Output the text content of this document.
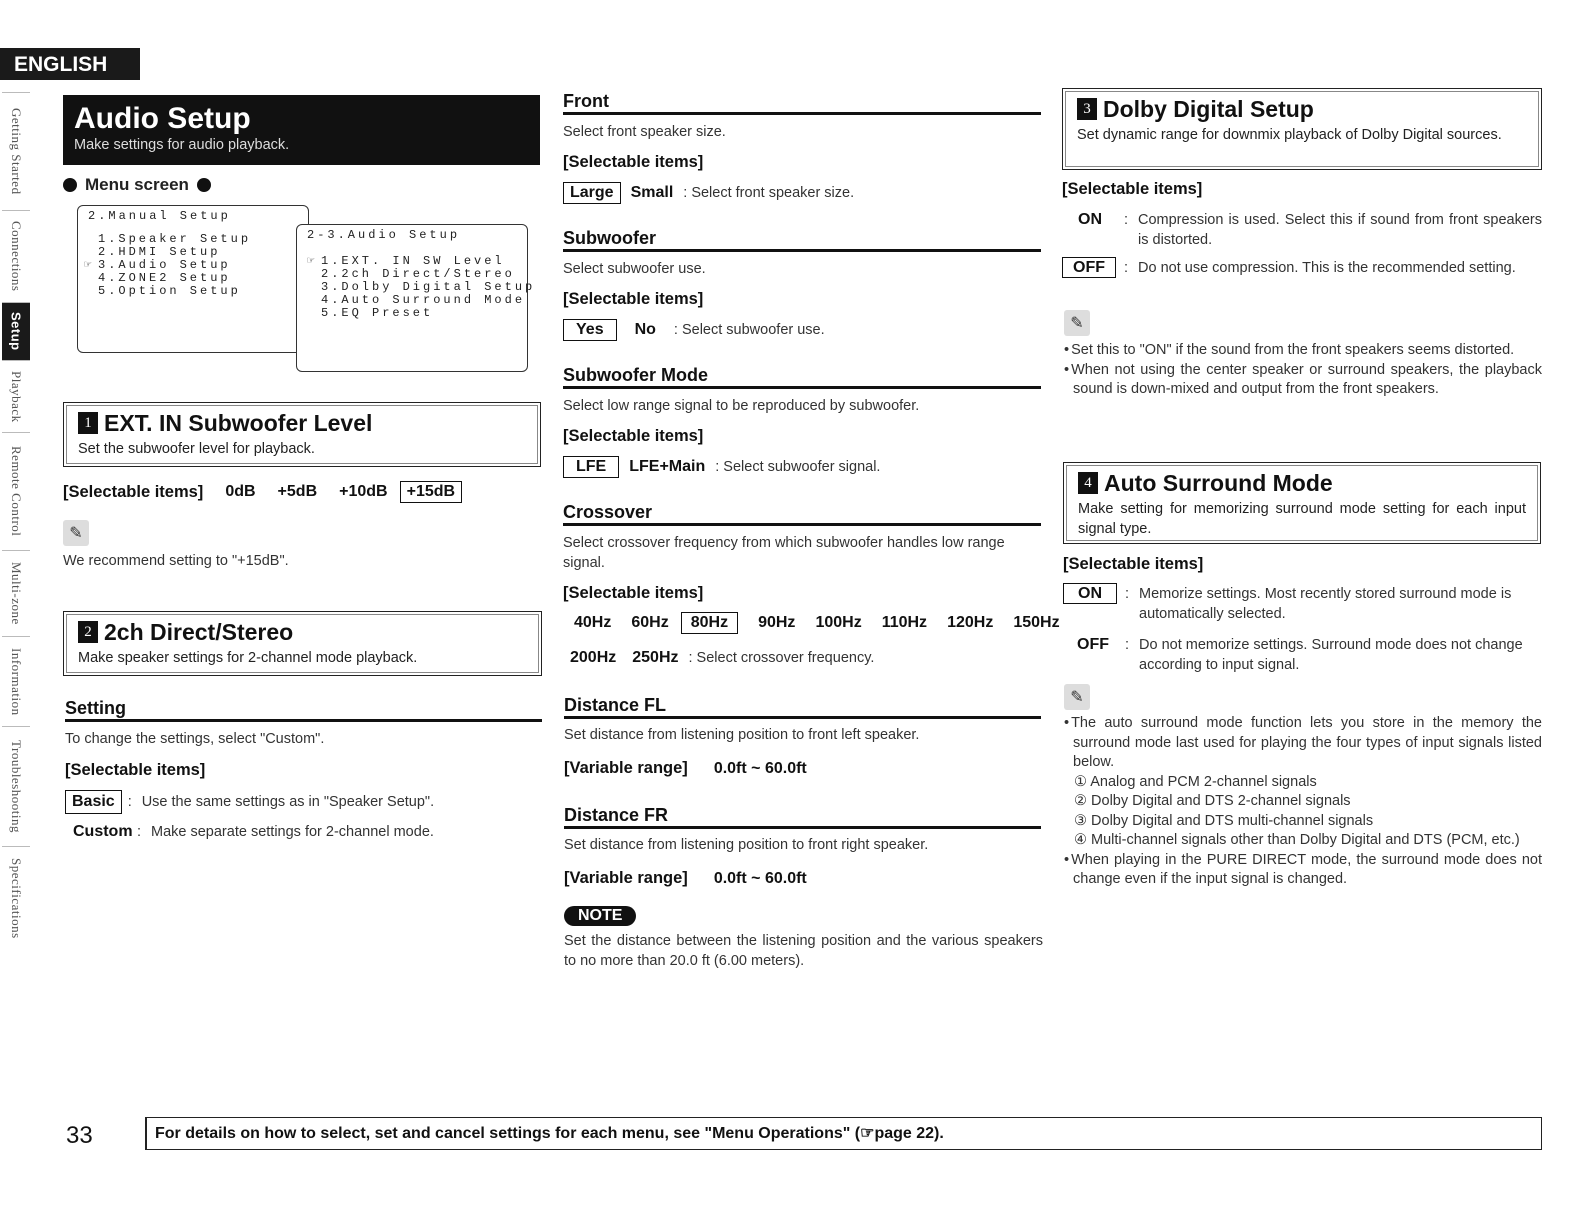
ENGLISH
Getting Started
Connections
Setup
Playback
Remote Control
Multi-zone
Information
Troubleshooting
Specifications
Audio Setup

Make settings for audio playback.

Menu screen
2.Manual Setup
1.Speaker Setup
2.HDMI Setup
☞ 3.Audio Setup
4.ZONE2 Setup
5.Option Setup
2-3.Audio Setup
☞ 1.EXT. IN SW Level
2.2ch Direct/Stereo
3.Dolby Digital Setup
4.Auto Surround Mode
5.EQ Preset
1 EXT. IN Subwoofer Level

Set the subwoofer level for playback.

[Selectable items] 0dB +5dB +10dB	+15dB
✎
We recommend setting to "+15dB".
2 2ch Direct/Stereo

Make speaker settings for 2-channel mode playback.

Setting
To change the settings, select "Custom".
[Selectable items]
Basic : Use the same settings as in "Speaker Setup".
Custom : Make separate settings for 2-channel mode.
Front
Select front speaker size.
[Selectable items]
Large	Small : Select front speaker size.
Subwoofer
Select subwoofer use.
[Selectable items]
Yes	No : Select subwoofer use.
Subwoofer Mode
Select low range signal to be reproduced by subwoofer.
[Selectable items]
LFE	LFE+Main : Select subwoofer signal.
Crossover
Select crossover frequency from which subwoofer handles low range signal.
[Selectable items]
40Hz 60Hz	80Hz	90Hz 100Hz 110Hz 120Hz 150Hz
200Hz 250Hz : Select crossover frequency.
Distance FL
Set distance from listening position to front left speaker.
[Variable range] 0.0ft ~ 60.0ft
Distance FR
Set distance from listening position to front right speaker.
[Variable range] 0.0ft ~ 60.0ft
NOTE
Set the distance between the listening position and the various speakers to no more than 20.0 ft (6.00 meters).
3 Dolby Digital Setup

Set dynamic range for downmix playback of Dolby Digital sources.

[Selectable items]
ON	: Compression is used. Select this if sound from front speakers is distorted.
OFF	: Do not use compression. This is the recommended setting.
✎
• Set this to "ON" if the sound from the front speakers seems distorted.
• When not using the center speaker or surround speakers, the playback sound is down-mixed and output from the front speakers.
4 Auto Surround Mode

Make setting for memorizing surround mode setting for each input signal type.

[Selectable items]
ON	: Memorize settings. Most recently stored surround mode is automatically selected.
OFF	: Do not memorize settings. Surround mode does not change according to input signal.
✎
• The auto surround mode function lets you store in the memory the surround mode last used for playing the four types of input signals listed below.
① Analog and PCM 2-channel signals
② Dolby Digital and DTS 2-channel signals
③ Dolby Digital and DTS multi-channel signals
④ Multi-channel signals other than Dolby Digital and DTS (PCM, etc.)
• When playing in the PURE DIRECT mode, the surround mode does not change even if the input signal is changed.
33	For details on how to select, set and cancel settings for each menu, see "Menu Operations" (☞page 22).
